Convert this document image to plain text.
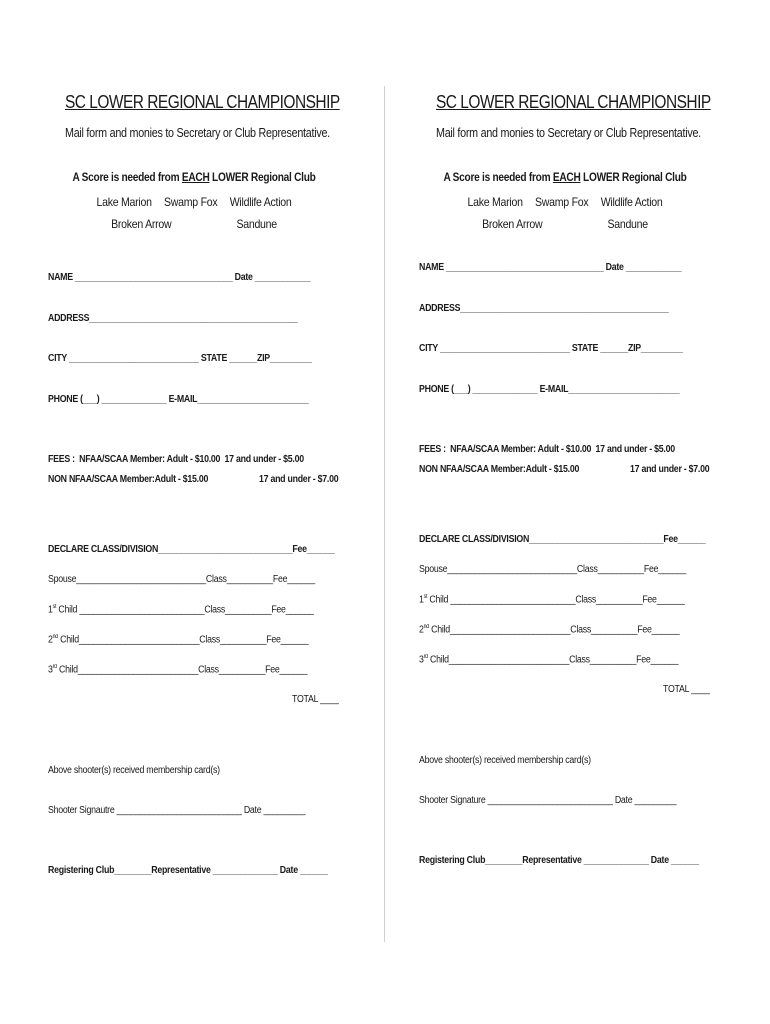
SC LOWER REGIONAL CHAMPIONSHIP
Mail form and monies to Secretary or Club Representative.
A Score is needed from EACH LOWER Regional Club
Lake Marion Swamp Fox Wildlife Action
Broken Arrow	Sandune
NAME __________________________________ Date ____________
ADDRESS_____________________________________________
CITY ____________________________ STATE ______ZIP_________
PHONE (___) ______________ E-MAIL________________________
FEES :  NFAA/SCAA Member: Adult - $10.00  17 and under - $5.00
NON NFAA/SCAA Member:Adult - $15.00	17 and under - $7.00
DECLARE CLASS/DIVISION_____________________________Fee______
Spouse____________________________Class__________Fee______
1st Child ___________________________Class__________Fee______
2nd Child__________________________Class__________Fee______
3rd Child__________________________Class__________Fee______
TOTAL ____
Above shooter(s) received membership card(s)
Shooter Signautre ___________________________ Date _________
Registering Club________Representative ______________ Date ______
SC LOWER REGIONAL CHAMPIONSHIP
Mail form and monies to Secretary or Club Representative.
A Score is needed from EACH LOWER Regional Club
Lake Marion Swamp Fox Wildlife Action
Broken Arrow	Sandune
NAME __________________________________ Date ____________
ADDRESS_____________________________________________
CITY ____________________________ STATE ______ZIP_________
PHONE (___) ______________ E-MAIL________________________
FEES :  NFAA/SCAA Member: Adult - $10.00  17 and under - $5.00
NON NFAA/SCAA Member:Adult - $15.00	17 and under - $7.00
DECLARE CLASS/DIVISION_____________________________Fee______
Spouse____________________________Class__________Fee______
1st Child ___________________________Class__________Fee______
2nd Child__________________________Class__________Fee______
3rd Child__________________________Class__________Fee______
TOTAL ____
Above shooter(s) received membership card(s)
Shooter Signature ___________________________ Date _________
Registering Club________Representative ______________ Date ______
